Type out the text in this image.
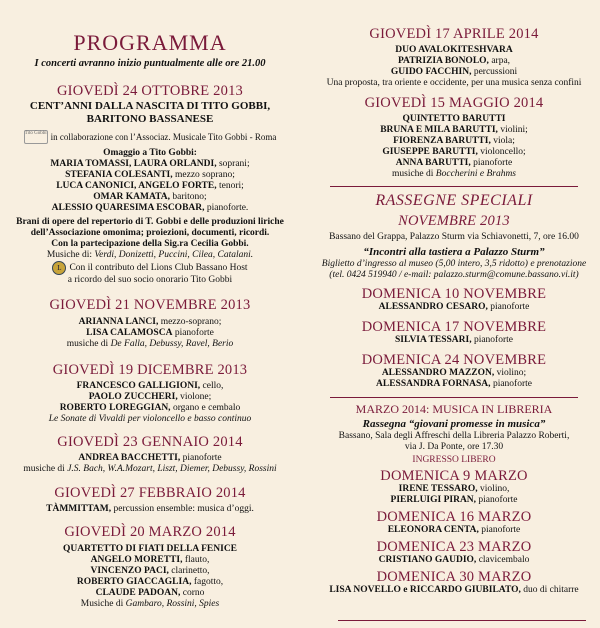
PROGRAMMA
I concerti avranno inizio puntualmente alle ore 21.00
GIOVEDÌ 24 OTTOBRE 2013
CENT’ANNI DALLA NASCITA DI TITO GOBBI,
BARITONO BASSANESE
Tito Gobbi in collaborazione con l’Associaz. Musicale Tito Gobbi - Roma
Omaggio a Tito Gobbi:
MARIA TOMASSI, LAURA ORLANDI, soprani;
STEFANIA COLESANTI, mezzo soprano;
LUCA CANONICI, ANGELO FORTE, tenori;
OMAR KAMATA, baritono;
ALESSIO QUARESIMA ESCOBAR, pianoforte.
Brani di opere del repertorio di T. Gobbi e delle produzioni liriche
dell’Associazione omonima; proiezioni, documenti, ricordi.
Con la partecipazione della Sig.ra Cecilia Gobbi.
Musiche di: Verdi, Donizetti, Puccini, Cilea, Catalani.
L Con il contributo del Lions Club Bassano Host
a ricordo del suo socio onorario Tito Gobbi
GIOVEDÌ 21 NOVEMBRE 2013
ARIANNA LANCI, mezzo-soprano;
LISA CALAMOSCA pianoforte
musiche di De Falla, Debussy, Ravel, Berio
GIOVEDÌ 19 DICEMBRE 2013
FRANCESCO GALLIGIONI, cello,
PAOLO ZUCCHERI, violone;
ROBERTO LOREGGIAN, organo e cembalo
Le Sonate di Vivaldi per violoncello e basso continuo
GIOVEDÌ 23 GENNAIO 2014
ANDREA BACCHETTI, pianoforte
musiche di J.S. Bach, W.A.Mozart, Liszt, Diemer, Debussy, Rossini
GIOVEDÌ 27 FEBBRAIO 2014
TÀMMITTAM, percussion ensemble: musica d’oggi.
GIOVEDÌ 20 MARZO 2014
QUARTETTO DI FIATI DELLA FENICE
ANGELO MORETTI, flauto,
VINCENZO PACI, clarinetto,
ROBERTO GIACCAGLIA, fagotto,
CLAUDE PADOAN, corno
Musiche di Gambaro, Rossini, Spies
GIOVEDÌ 17 APRILE 2014
DUO AVALOKITESHVARA
PATRIZIA BONOLO, arpa,
GUIDO FACCHIN, percussioni
Una proposta, tra oriente e occidente, per una musica senza confini
GIOVEDÌ 15 MAGGIO 2014
QUINTETTO BARUTTI
BRUNA E MILA BARUTTI, violini;
FIORENZA BARUTTI, viola;
GIUSEPPE BARUTTI, violoncello;
ANNA BARUTTI, pianoforte
musiche di Boccherini e Brahms
RASSEGNE SPECIALI
NOVEMBRE 2013
Bassano del Grappa, Palazzo Sturm via Schiavonetti, 7, ore 16.00
“Incontri alla tastiera a Palazzo Sturm”
Biglietto d’ingresso al museo (5,00 intero, 3,5 ridotto) e prenotazione
(tel. 0424 519940 / e-mail: palazzo.sturm@comune.bassano.vi.it)
DOMENICA 10 NOVEMBRE
ALESSANDRO CESARO, pianoforte
DOMENICA 17 NOVEMBRE
SILVIA TESSARI, pianoforte
DOMENICA 24 NOVEMBRE
ALESSANDRO MAZZON, violino;
ALESSANDRA FORNASA, pianoforte
MARZO 2014: MUSICA IN LIBRERIA
Rassegna “giovani promesse in musica”
Bassano, Sala degli Affreschi della Libreria Palazzo Roberti,
via J. Da Ponte, ore 17.30
INGRESSO LIBERO
DOMENICA 9 MARZO
IRENE TESSARO, violino,
PIERLUIGI PIRAN, pianoforte
DOMENICA 16 MARZO
ELEONORA CENTA, pianoforte
DOMENICA 23 MARZO
CRISTIANO GAUDIO, clavicembalo
DOMENICA 30 MARZO
LISA NOVELLO e RICCARDO GIUBILATO, duo di chitarre
